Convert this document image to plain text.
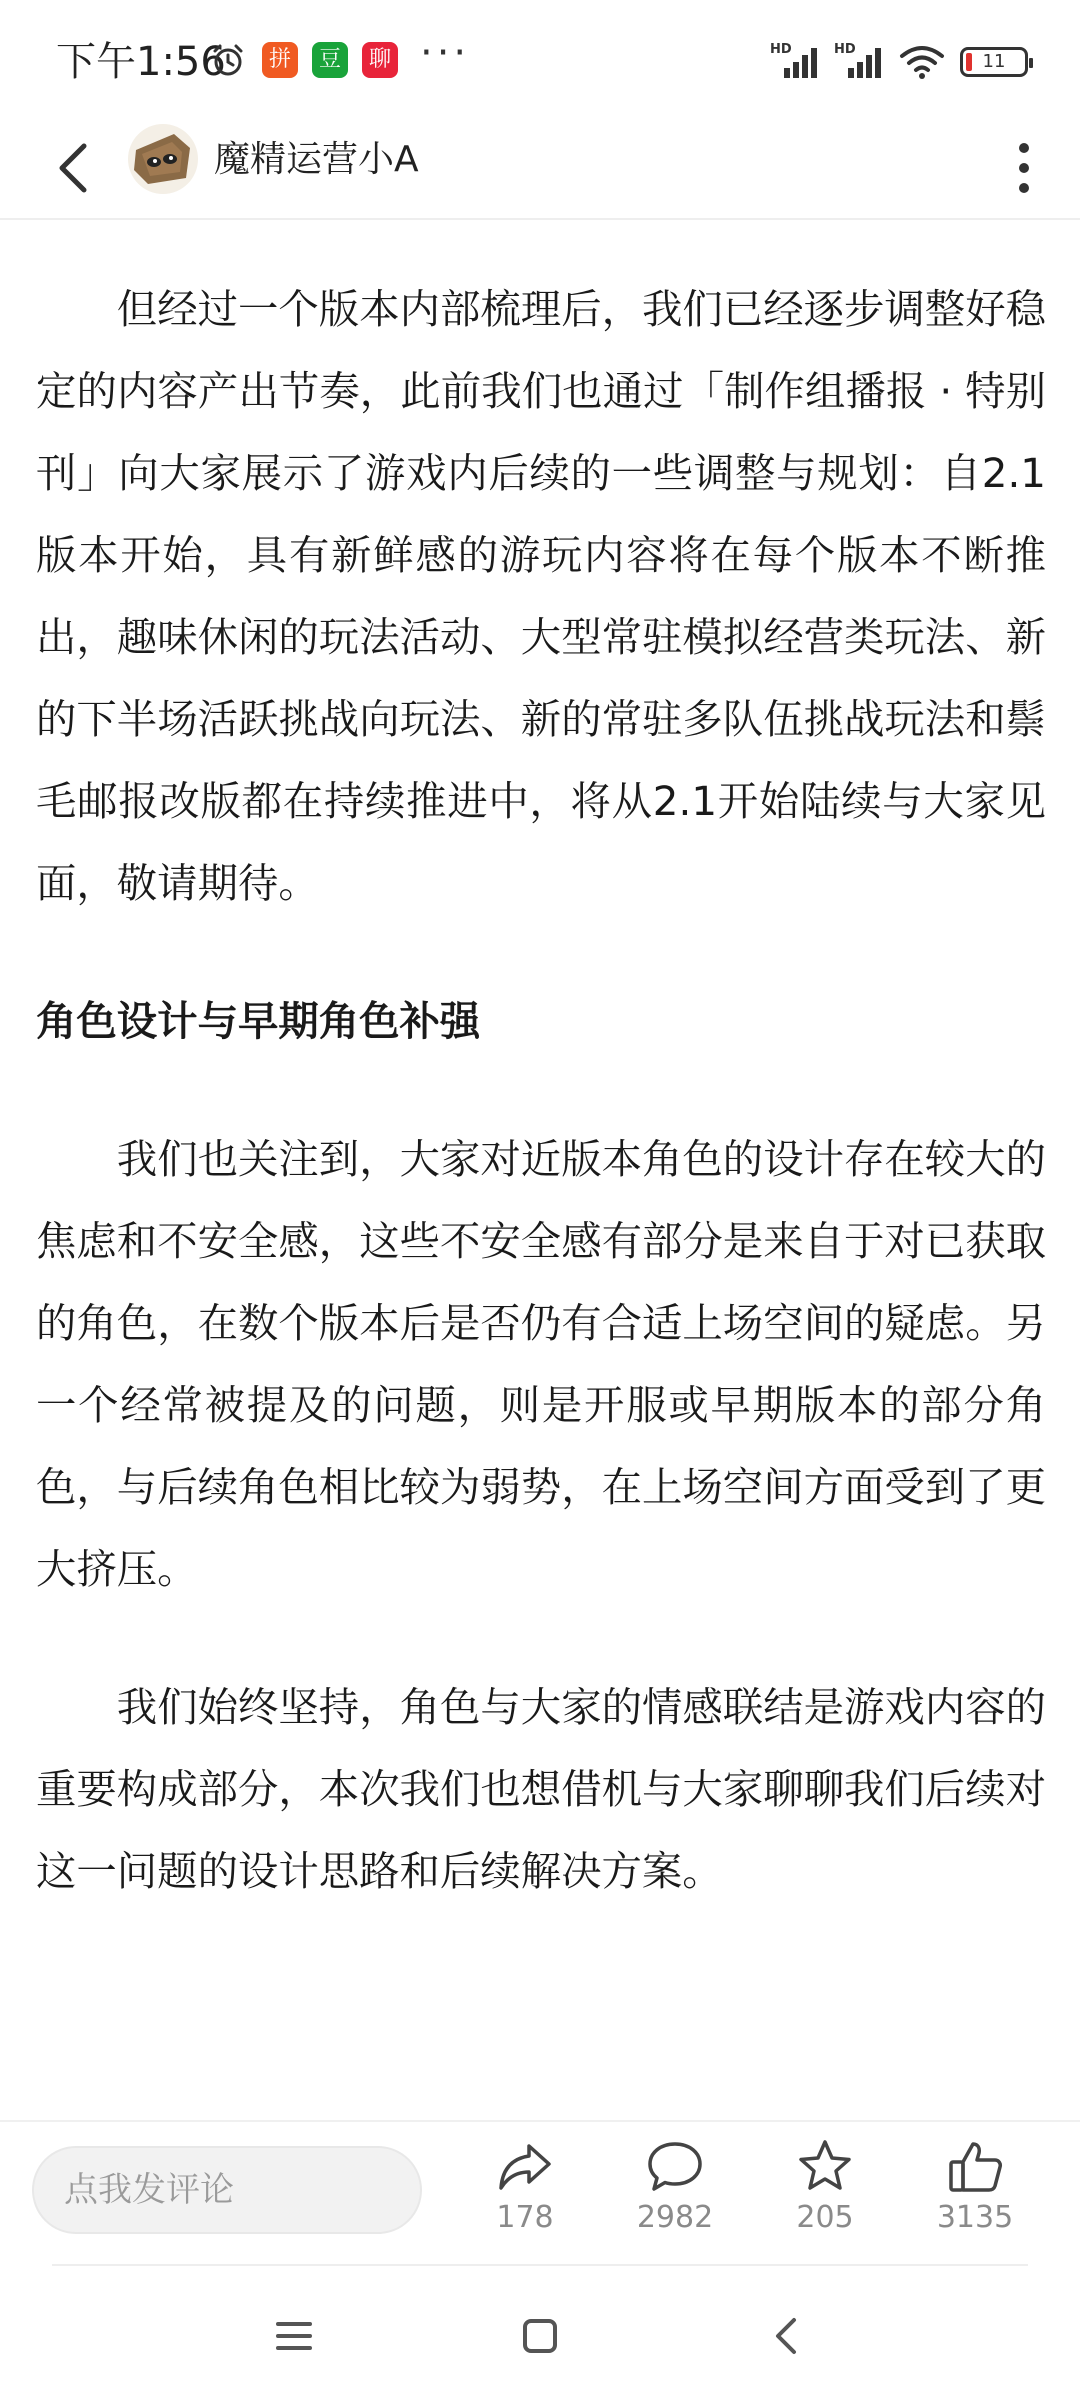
下午1:56	拼	豆	聊 ···	HD	HD
11
魔精运营小A

但经过一个版本内部梳理后，我们已经逐步调整好稳定的内容产出节奏，此前我们也通过「制作组播报 · 特别刊」向大家展示了游戏内后续的一些调整与规划：自2.1版本开始，具有新鲜感的游玩内容将在每个版本不断推出，趣味休闲的玩法活动、大型常驻模拟经营类玩法、新的下半场活跃挑战向玩法、新的常驻多队伍挑战玩法和鬃毛邮报改版都在持续推进中，将从2.1开始陆续与大家见面，敬请期待。

角色设计与早期角色补强

我们也关注到，大家对近版本角色的设计存在较大的焦虑和不安全感，这些不安全感有部分是来自于对已获取的角色，在数个版本后是否仍有合适上场空间的疑虑。另一个经常被提及的问题，则是开服或早期版本的部分角色，与后续角色相比较为弱势，在上场空间方面受到了更大挤压。

我们始终坚持，角色与大家的情感联结是游戏内容的重要构成部分，本次我们也想借机与大家聊聊我们后续对这一问题的设计思路和后续解决方案。

点我发评论
178	2982	205	3135
